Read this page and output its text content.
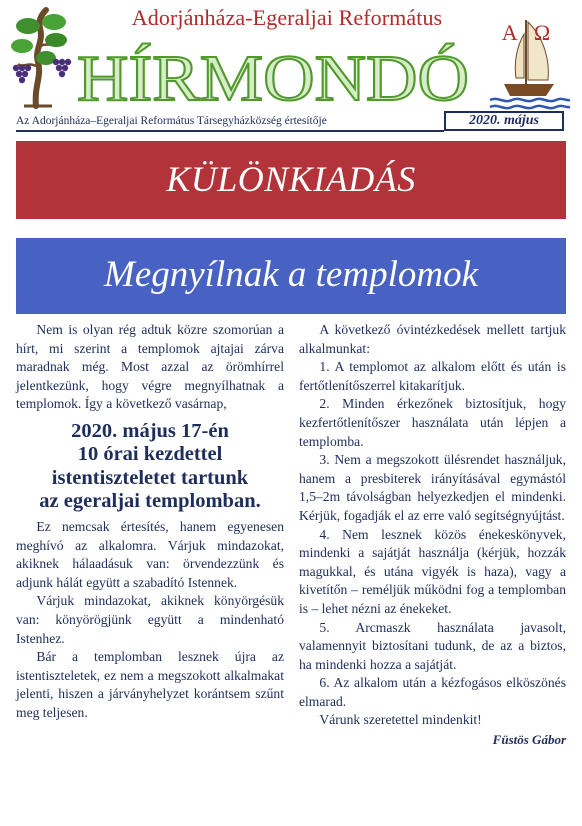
Adorjánháza-Egeraljai Református
HÍRMONDÓ
Α Ω
Az Adorjánháza–Egeraljai Református Társegyházközség értesítője	2020. május
KÜLÖNKIADÁS
Megnyílnak a templomok

Nem is olyan rég adtuk közre szomorúan a hírt, mi szerint a templomok ajtajai zárva maradnak még. Most azzal az örömhírrel jelentkezünk, hogy végre megnyílhatnak a templomok. Így a következő vasárnap,

2020. május 17-én
10 órai kezdettel
istentiszteletet tartunk
az egeraljai templomban.

Ez nemcsak értesítés, hanem egyenesen meghívó az alkalomra. Várjuk mindazokat, akiknek hálaadásuk van: örvendezzünk és adjunk hálát együtt a szabadító Istennek.

Várjuk mindazokat, akiknek könyörgésük van: könyörögjünk együtt a mindenható Istenhez.

Bár a templomban lesznek újra az istentiszteletek, ez nem a megszokott alkalmakat jelenti, hiszen a járványhelyzet korántsem szűnt meg teljesen.

A következő óvintézkedések mellett tartjuk alkalmunkat:

1. A templomot az alkalom előtt és után is fertőtlenítőszerrel kitakarítjuk.

2. Minden érkezőnek biztosítjuk, hogy kezfertőtlenítőszer használata után lépjen a templomba.

3. Nem a megszokott ülésrendet használjuk, hanem a presbiterek irányításával egymástól 1,5–2m távolságban helyezkedjen el mindenki. Kérjük, fogadják el az erre való segítségnyújtást.

4. Nem lesznek közös énekeskönyvek, mindenki a sajátját használja (kérjük, hozzák magukkal, és utána vigyék is haza), vagy a kivetítőn – reméljük működni fog a templomban is – lehet nézni az énekeket.

5. Arcmaszk használata javasolt, valamennyit biztosítani tudunk, de az a biztos, ha mindenki hozza a sajátját.

6. Az alkalom után a kézfogásos elköszönés elmarad.

Várunk szeretettel mindenkit!

Füstös Gábor
